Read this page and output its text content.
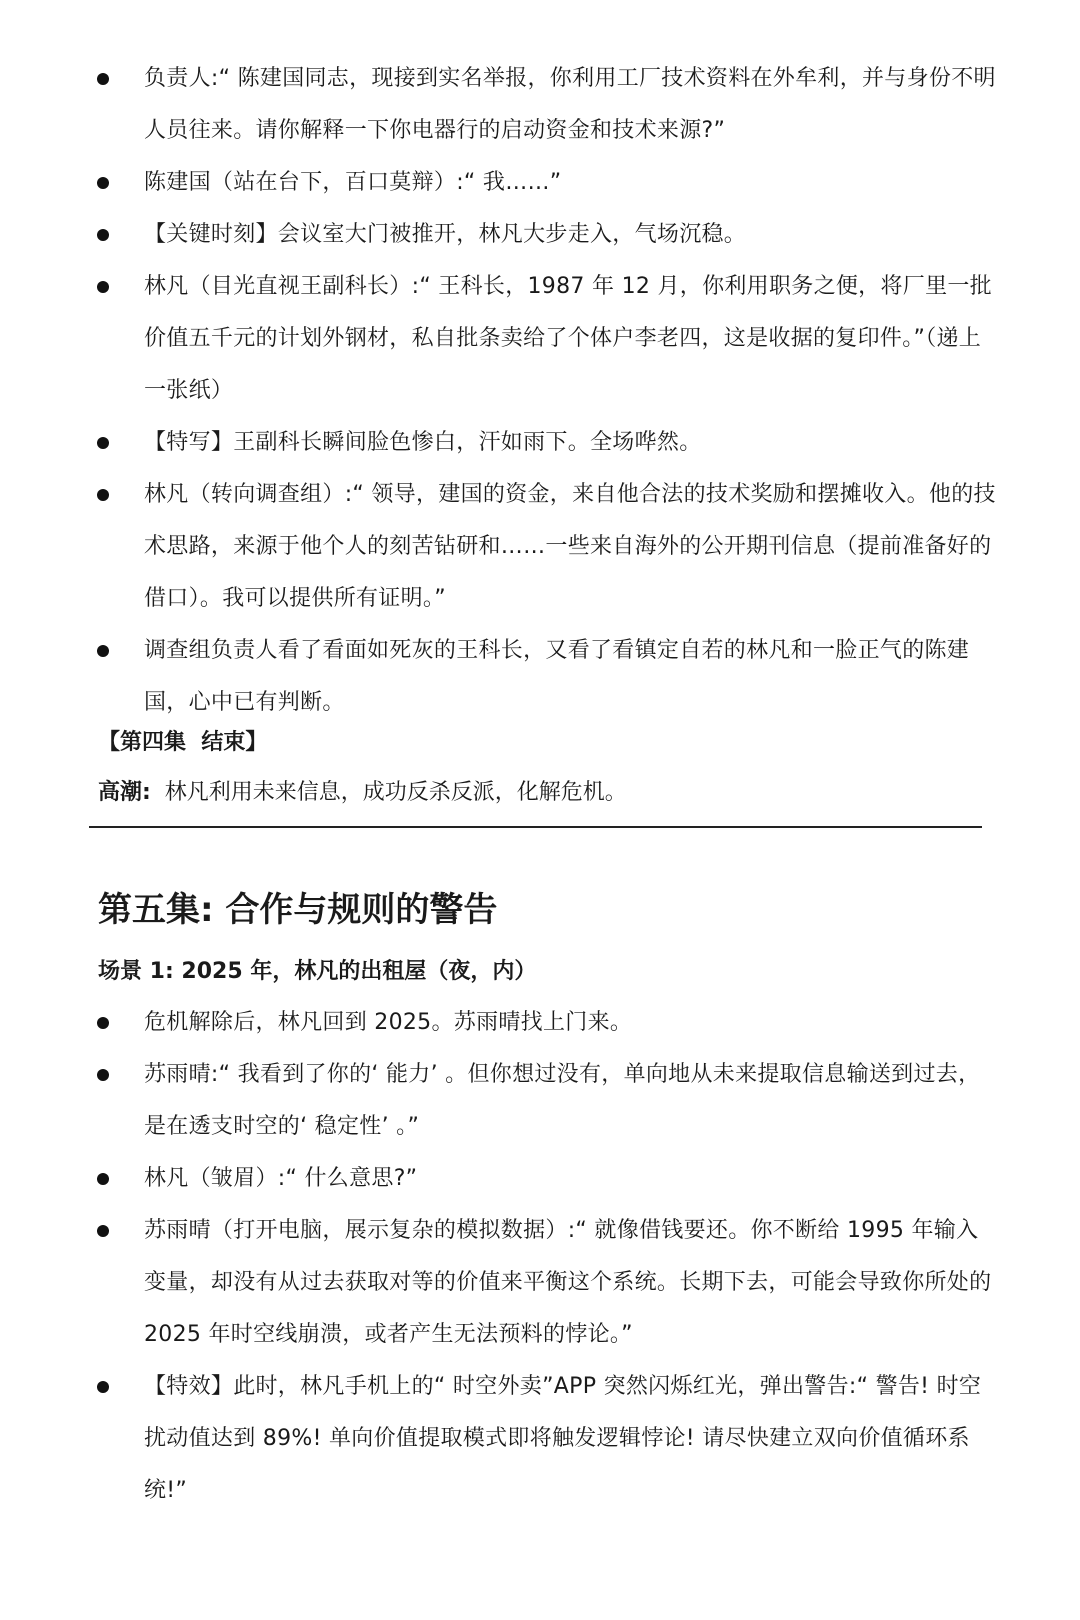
负责人:“ 陈建国同志，现接到实名举报，你利用工厂技术资料在外牟利，并与身份不明人员往来。请你解释一下你电器行的启动资金和技术来源?”
陈建国（站在台下，百口莫辩）:“ 我……”
【关键时刻】会议室大门被推开，林凡大步走入，气场沉稳。
林凡（目光直视王副科长）:“ 王科长，1987 年 12 月，你利用职务之便，将厂里一批价值五千元的计划外钢材，私自批条卖给了个体户李老四，这是收据的复印件。”（递上一张纸）
【特写】王副科长瞬间脸色惨白，汗如雨下。全场哗然。
林凡（转向调查组）:“ 领导，建国的资金，来自他合法的技术奖励和摆摊收入。他的技术思路，来源于他个人的刻苦钻研和……一些来自海外的公开期刊信息（提前准备好的借口）。我可以提供所有证明。”
调查组负责人看了看面如死灰的王科长，又看了看镇定自若的林凡和一脸正气的陈建国，心中已有判断。
【第四集  结束】
高潮:  林凡利用未来信息，成功反杀反派，化解危机。
第五集: 合作与规则的警告
场景 1: 2025 年，林凡的出租屋（夜，内）
危机解除后，林凡回到 2025。苏雨晴找上门来。
苏雨晴:“ 我看到了你的‘ 能力’ 。但你想过没有，单向地从未来提取信息输送到过去，是在透支时空的‘ 稳定性’ 。”
林凡（皱眉）:“ 什么意思?”
苏雨晴（打开电脑，展示复杂的模拟数据）:“ 就像借钱要还。你不断给 1995 年输入变量，却没有从过去获取对等的价值来平衡这个系统。长期下去，可能会导致你所处的 2025 年时空线崩溃，或者产生无法预料的悖论。”
【特效】此时，林凡手机上的“ 时空外卖”APP 突然闪烁红光，弹出警告:“ 警告! 时空扰动值达到 89%! 单向价值提取模式即将触发逻辑悖论! 请尽快建立双向价值循环系统!”
